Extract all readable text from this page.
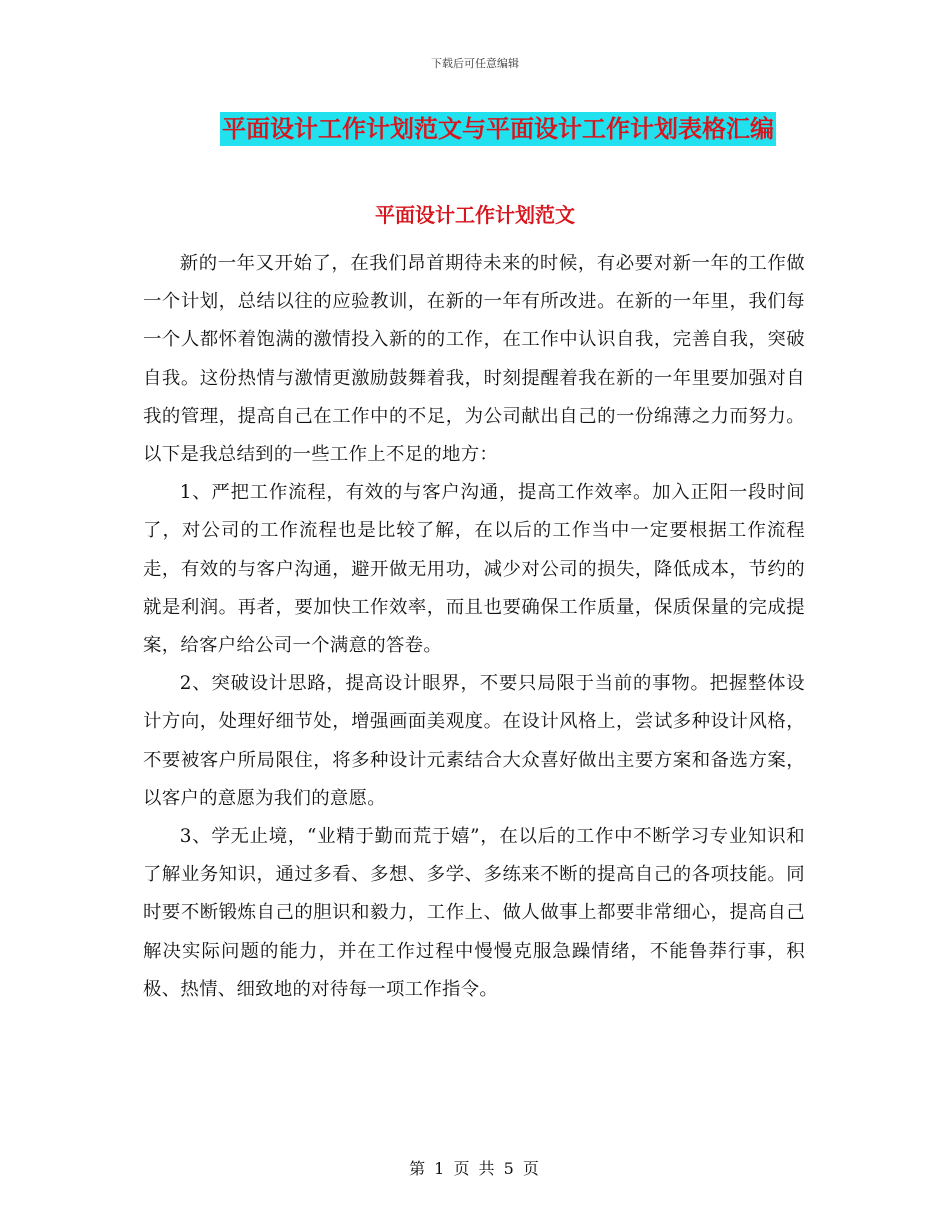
下载后可任意编辑
平面设计工作计划范文与平面设计工作计划表格汇编
平面设计工作计划范文

新的一年又开始了，在我们昂首期待未来的时候，有必要对新一年的工作做一个计划，总结以往的应验教训，在新的一年有所改进。在新的一年里，我们每一个人都怀着饱满的激情投入新的的工作，在工作中认识自我，完善自我，突破自我。这份热情与激情更激励鼓舞着我，时刻提醒着我在新的一年里要加强对自我的管理，提高自己在工作中的不足，为公司献出自己的一份绵薄之力而努力。以下是我总结到的一些工作上不足的地方：

1、严把工作流程，有效的与客户沟通，提高工作效率。加入正阳一段时间了，对公司的工作流程也是比较了解，在以后的工作当中一定要根据工作流程走，有效的与客户沟通，避开做无用功，减少对公司的损失，降低成本，节约的就是利润。再者，要加快工作效率，而且也要确保工作质量，保质保量的完成提案，给客户给公司一个满意的答卷。

2、突破设计思路，提高设计眼界，不要只局限于当前的事物。把握整体设计方向，处理好细节处，增强画面美观度。在设计风格上，尝试多种设计风格，不要被客户所局限住，将多种设计元素结合大众喜好做出主要方案和备选方案，以客户的意愿为我们的意愿。

3、学无止境，“业精于勤而荒于嬉”，在以后的工作中不断学习专业知识和了解业务知识，通过多看、多想、多学、多练来不断的提高自己的各项技能。同时要不断锻炼自己的胆识和毅力，工作上、做人做事上都要非常细心，提高自己解决实际问题的能力，并在工作过程中慢慢克服急躁情绪，不能鲁莽行事，积极、热情、细致地的对待每一项工作指令。

第 1 页 共 5 页
